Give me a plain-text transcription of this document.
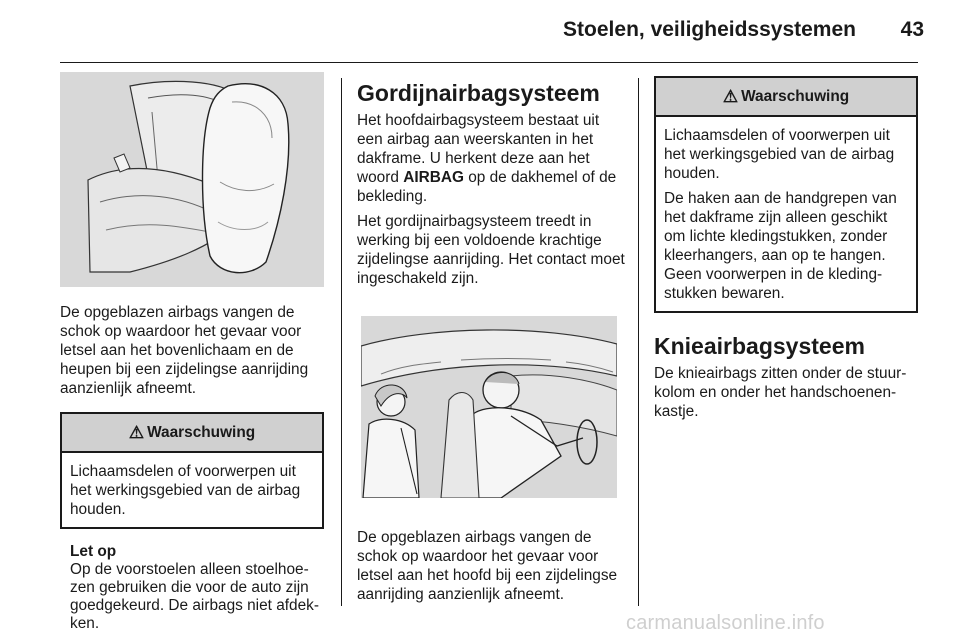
Stoelen, veiligheidssystemen	43
De opgeblazen airbags vangen de schok op waardoor het gevaar voor letsel aan het bovenlichaam en de heupen bij een zijdelingse aanrijding aanzienlijk afneemt.
⚠ Waarschuwing

Lichaamsdelen of voorwerpen uit het werkingsgebied van de airbag houden.

Let op
Op de voorstoelen alleen stoelhoezen gebruiken die voor de auto zijn goedgekeurd. De airbags niet afdekken.
Gordijnairbagsysteem
Het hoofdairbagsysteem bestaat uit een airbag aan weerskanten in het dakframe. U herkent deze aan het woord AIRBAG op de dakhemel of de bekleding.
Het gordijnairbagsysteem treedt in werking bij een voldoende krachtige zijdelingse aanrijding. Het contact moet ingeschakeld zijn.
De opgeblazen airbags vangen de schok op waardoor het gevaar voor letsel aan het hoofd bij een zijdelingse aanrijding aanzienlijk afneemt.
⚠ Waarschuwing

Lichaamsdelen of voorwerpen uit het werkingsgebied van de airbag houden.

De haken aan de handgrepen van het dakframe zijn alleen geschikt om lichte kledingstukken, zonder kleerhangers, aan op te hangen. Geen voorwerpen in de kledingstukken bewaren.

Knieairbagsysteem
De knieairbags zitten onder de stuurkolom en onder het handschoenenkastje.
carmanualsonline.info
